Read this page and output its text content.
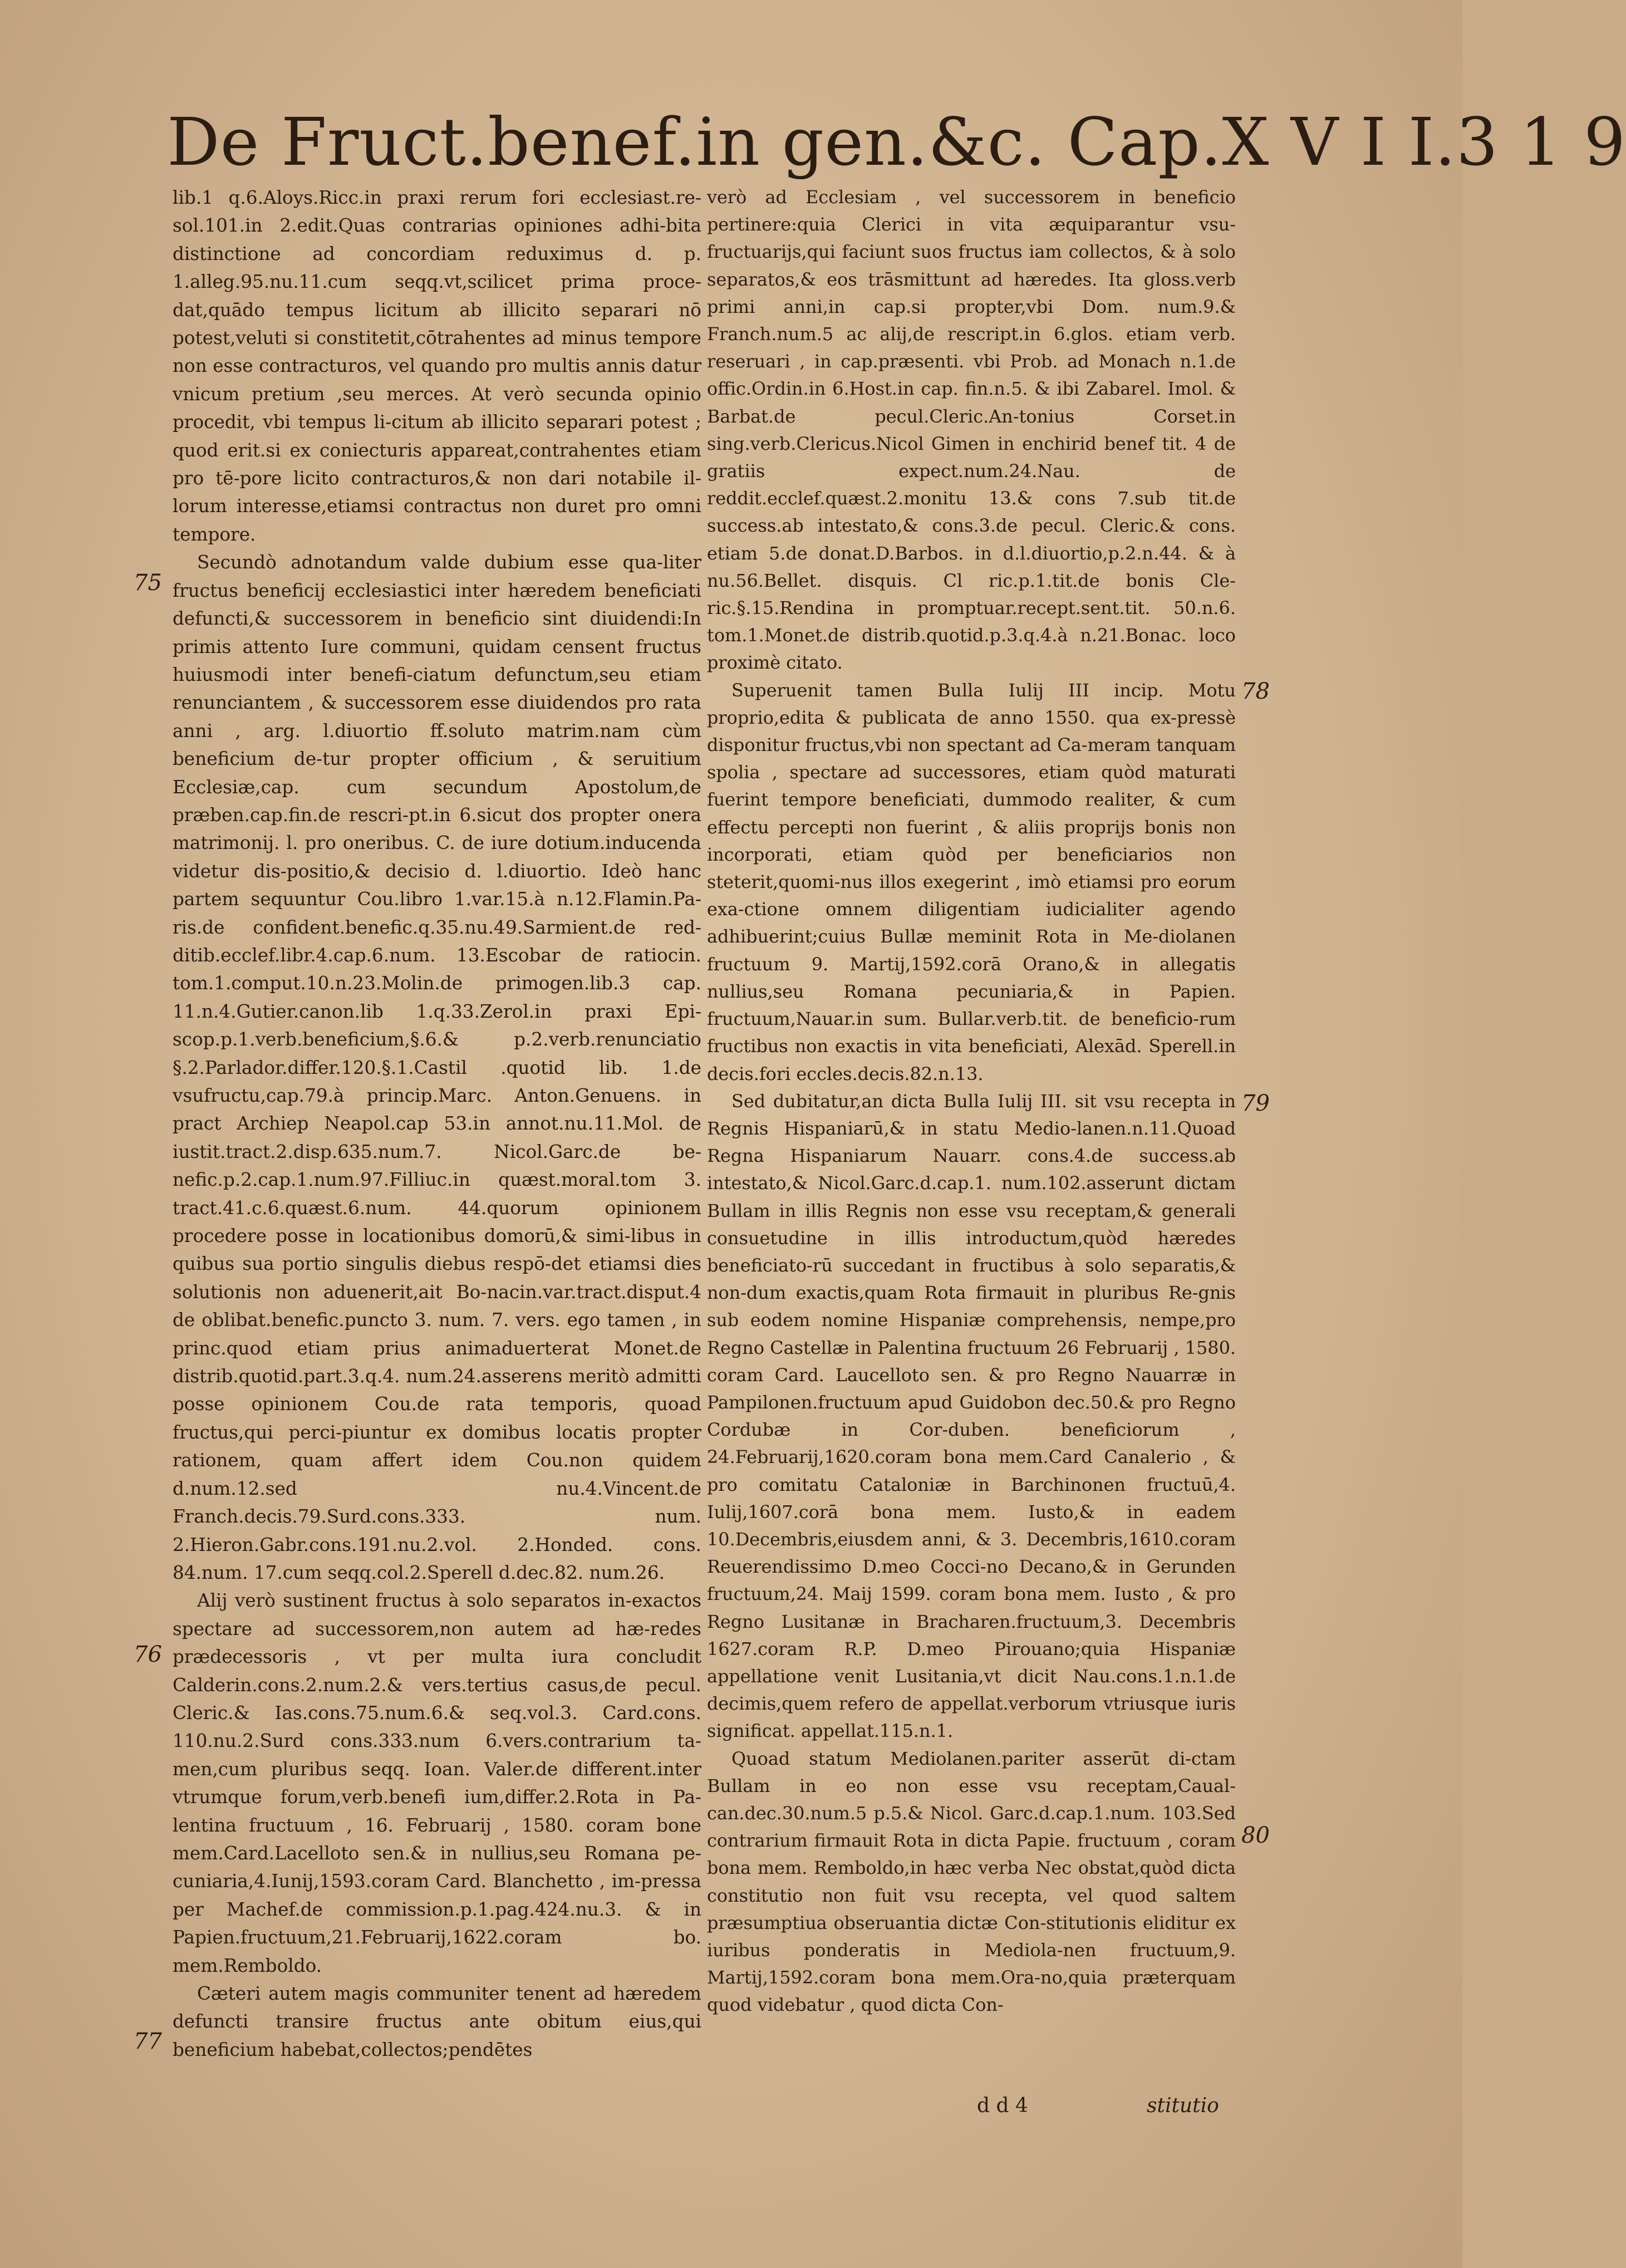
De Fruct.benef.in gen.&c. Cap.X V I I.3 1 9

lib.1 q.6.Aloys.Ricc.in praxi rerum fori ecclesiast.re-sol.101.in 2.edit.Quas contrarias opiniones adhi-bita distinctione ad concordiam reduximus d. p. 1.alleg.95.nu.11.cum seqq.vt,scilicet prima proce-dat,quādo tempus licitum ab illicito separari nō potest,veluti si constitetit,cōtrahentes ad minus tempore non esse contracturos, vel quando pro multis annis datur vnicum pretium ,seu merces. At verò secunda opinio procedit, vbi tempus li-citum ab illicito separari potest ; quod erit.si ex coniecturis appareat,contrahentes etiam pro tē-pore licito contracturos,& non dari notabile il-lorum interesse,etiamsi contractus non duret pro omni tempore.

Secundò adnotandum valde dubium esse qua-liter fructus beneficij ecclesiastici inter hæredem beneficiati defuncti,& successorem in beneficio sint diuidendi:In primis attento Iure communi, quidam censent fructus huiusmodi inter benefi-ciatum defunctum,seu etiam renunciantem , & successorem esse diuidendos pro rata anni , arg. l.diuortio ff.soluto matrim.nam cùm beneficium de-tur propter officium , & seruitium Ecclesiæ,cap. cum secundum Apostolum,de præben.cap.fin.de rescri-pt.in 6.sicut dos propter onera matrimonij. l. pro oneribus. C. de iure dotium.inducenda videtur dis-positio,& decisio d. l.diuortio. Ideò hanc partem sequuntur Cou.libro 1.var.15.à n.12.Flamin.Pa-ris.de confident.benefic.q.35.nu.49.Sarmient.de red-ditib.ecclef.libr.4.cap.6.num. 13.Escobar de ratiocin. tom.1.comput.10.n.23.Molin.de primogen.lib.3 cap. 11.n.4.Gutier.canon.lib 1.q.33.Zerol.in praxi Epi-scop.p.1.verb.beneficium,§.6.& p.2.verb.renunciatio §.2.Parlador.differ.120.§.1.Castil .quotid lib. 1.de vsufructu,cap.79.à princip.Marc. Anton.Genuens. in pract Archiep Neapol.cap 53.in annot.nu.11.Mol. de iustit.tract.2.disp.635.num.7. Nicol.Garc.de be-nefic.p.2.cap.1.num.97.Filliuc.in quæst.moral.tom 3. tract.41.c.6.quæst.6.num. 44.quorum opinionem procedere posse in locationibus domorū,& simi-libus in quibus sua portio singulis diebus respō-det etiamsi dies solutionis non aduenerit,ait Bo-nacin.var.tract.disput.4 de oblibat.benefic.puncto 3. num. 7. vers. ego tamen , in princ.quod etiam prius animaduerterat Monet.de distrib.quotid.part.3.q.4. num.24.asserens meritò admitti posse opinionem Cou.de rata temporis, quoad fructus,qui perci-piuntur ex domibus locatis propter rationem, quam affert idem Cou.non quidem d.num.12.sed nu.4.Vincent.de Franch.decis.79.Surd.cons.333. num. 2.Hieron.Gabr.cons.191.nu.2.vol. 2.Honded. cons. 84.num. 17.cum seqq.col.2.Sperell d.dec.82. num.26.

Alij verò sustinent fructus à solo separatos in-exactos spectare ad successorem,non autem ad hæ-redes prædecessoris , vt per multa iura concludit Calderin.cons.2.num.2.& vers.tertius casus,de pecul. Cleric.& Ias.cons.75.num.6.& seq.vol.3. Card.cons. 110.nu.2.Surd cons.333.num 6.vers.contrarium ta-men,cum pluribus seqq. Ioan. Valer.de different.inter vtrumque forum,verb.benefi ium,differ.2.Rota in Pa-lentina fructuum , 16. Februarij , 1580. coram bone mem.Card.Lacelloto sen.& in nullius,seu Romana pe-cuniaria,4.Iunij,1593.coram Card. Blanchetto , im-pressa per Machef.de commission.p.1.pag.424.nu.3. & in Papien.fructuum,21.Februarij,1622.coram bo. mem.Remboldo.

Cæteri autem magis communiter tenent ad hæredem defuncti transire fructus ante obitum eius,qui beneficium habebat,collectos;pendētes

verò ad Ecclesiam , vel successorem in beneficio pertinere:quia Clerici in vita æquiparantur vsu-fructuarijs,qui faciunt suos fructus iam collectos, & à solo separatos,& eos trāsmittunt ad hæredes. Ita gloss.verb primi anni,in cap.si propter,vbi Dom. num.9.& Franch.num.5 ac alij,de rescript.in 6.glos. etiam verb. reseruari , in cap.præsenti. vbi Prob. ad Monach n.1.de offic.Ordin.in 6.Host.in cap. fin.n.5. & ibi Zabarel. Imol. & Barbat.de pecul.Cleric.An-tonius Corset.in sing.verb.Clericus.Nicol Gimen in enchirid benef tit. 4 de gratiis expect.num.24.Nau. de reddit.ecclef.quæst.2.monitu 13.& cons 7.sub tit.de success.ab intestato,& cons.3.de pecul. Cleric.& cons. etiam 5.de donat.D.Barbos. in d.l.diuortio,p.2.n.44. & à nu.56.Bellet. disquis. Cl ric.p.1.tit.de bonis Cle-ric.§.15.Rendina in promptuar.recept.sent.tit. 50.n.6. tom.1.Monet.de distrib.quotid.p.3.q.4.à n.21.Bonac. loco proximè citato.

Superuenit tamen Bulla Iulij III incip. Motu proprio,edita & publicata de anno 1550. qua ex-pressè disponitur fructus,vbi non spectant ad Ca-meram tanquam spolia , spectare ad successores, etiam quòd maturati fuerint tempore beneficiati, dummodo realiter, & cum effectu percepti non fuerint , & aliis proprijs bonis non incorporati, etiam quòd per beneficiarios non steterit,quomi-nus illos exegerint , imò etiamsi pro eorum exa-ctione omnem diligentiam iudicialiter agendo adhibuerint;cuius Bullæ meminit Rota in Me-diolanen fructuum 9. Martij,1592.corā Orano,& in allegatis nullius,seu Romana pecuniaria,& in Papien. fructuum,Nauar.in sum. Bullar.verb.tit. de beneficio-rum fructibus non exactis in vita beneficiati, Alexād. Sperell.in decis.fori eccles.decis.82.n.13.

Sed dubitatur,an dicta Bulla Iulij III. sit vsu recepta in Regnis Hispaniarū,& in statu Medio-lanen.n.11.Quoad Regna Hispaniarum Nauarr. cons.4.de success.ab intestato,& Nicol.Garc.d.cap.1. num.102.asserunt dictam Bullam in illis Regnis non esse vsu receptam,& generali consuetudine in illis introductum,quòd hæredes beneficiato-rū succedant in fructibus à solo separatis,& non-dum exactis,quam Rota firmauit in pluribus Re-gnis sub eodem nomine Hispaniæ comprehensis, nempe,pro Regno Castellæ in Palentina fructuum 26 Februarij , 1580. coram Card. Laucelloto sen. & pro Regno Nauarræ in Pampilonen.fructuum apud Guidobon dec.50.& pro Regno Cordubæ in Cor-duben. beneficiorum , 24.Februarij,1620.coram bona mem.Card Canalerio , & pro comitatu Cataloniæ in Barchinonen fructuū,4. Iulij,1607.corā bona mem. Iusto,& in eadem 10.Decembris,eiusdem anni, & 3. Decembris,1610.coram Reuerendissimo D.meo Cocci-no Decano,& in Gerunden fructuum,24. Maij 1599. coram bona mem. Iusto , & pro Regno Lusitanæ in Bracharen.fructuum,3. Decembris 1627.coram R.P. D.meo Pirouano;quia Hispaniæ appellatione venit Lusitania,vt dicit Nau.cons.1.n.1.de decimis,quem refero de appellat.verborum vtriusque iuris significat. appellat.115.n.1.

Quoad statum Mediolanen.pariter asserūt di-ctam Bullam in eo non esse vsu receptam,Caual-can.dec.30.num.5 p.5.& Nicol. Garc.d.cap.1.num. 103.Sed contrarium firmauit Rota in dicta Papie. fructuum , coram bona mem. Remboldo,in hæc verba Nec obstat,quòd dicta constitutio non fuit vsu recepta, vel quod saltem præsumptiua obseruantia dictæ Con-stitutionis eliditur ex iuribus ponderatis in Mediola-nen fructuum,9. Martij,1592.coram bona mem.Ora-no,quia præterquam quod videbatur , quod dicta Con-

75
76
77
78
79
80
d d 4	stitutio
